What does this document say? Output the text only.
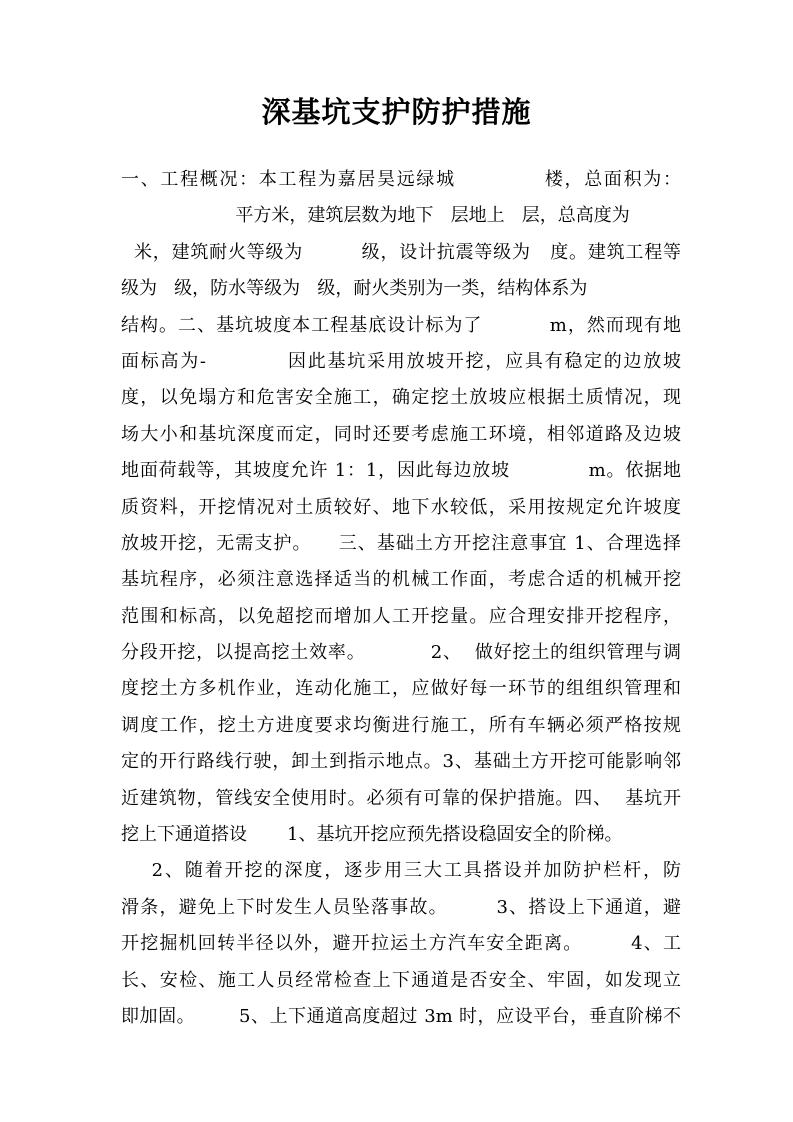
深基坑支护防护措施
一、工程概况：本工程为嘉居昊远绿城            楼，总面积为：
平方米，建筑层数为地下   层地上   层，总高度为
米，建筑耐火等级为         级，设计抗震等级为   度。建筑工程等
级为   级，防水等级为   级，耐火类别为一类，结构体系为
结构。二、基坑坡度本工程基底设计标为了          m，然而现有地
面标高为-           因此基坑采用放坡开挖，应具有稳定的边放坡
度，以免塌方和危害安全施工，确定挖土放坡应根据土质情况，现
场大小和基坑深度而定，同时还要考虑施工环境，相邻道路及边坡
地面荷载等，其坡度允许 1：1，因此每边放坡            m。依据地
质资料，开挖情况对土质较好、地下水较低，采用按规定允许坡度
放坡开挖，无需支护。    三、基础土方开挖注意事宜 1、合理选择
基坑程序，必须注意选择适当的机械工作面，考虑合适的机械开挖
范围和标高，以免超挖而增加人工开挖量。应合理安排开挖程序，
分段开挖，以提高挖土效率。          2、  做好挖土的组织管理与调
度挖土方多机作业，连动化施工，应做好每一环节的组组织管理和
调度工作，挖土方进度要求均衡进行施工，所有车辆必须严格按规
定的开行路线行驶，卸土到指示地点。3、基础土方开挖可能影响邻
近建筑物，管线安全使用时。必须有可靠的保护措施。四、  基坑开
挖上下通道搭设       1、基坑开挖应预先搭设稳固安全的阶梯。
2、随着开挖的深度，逐步用三大工具搭设并加防护栏杆，防
滑条，避免上下时发生人员坠落事故。       3、搭设上下通道，避
开挖掘机回转半径以外，避开拉运土方汽车安全距离。       4、工
长、安检、施工人员经常检查上下通道是否安全、牢固，如发现立
即加固。       5、上下通道高度超过 3m 时，应设平台，垂直阶梯不
